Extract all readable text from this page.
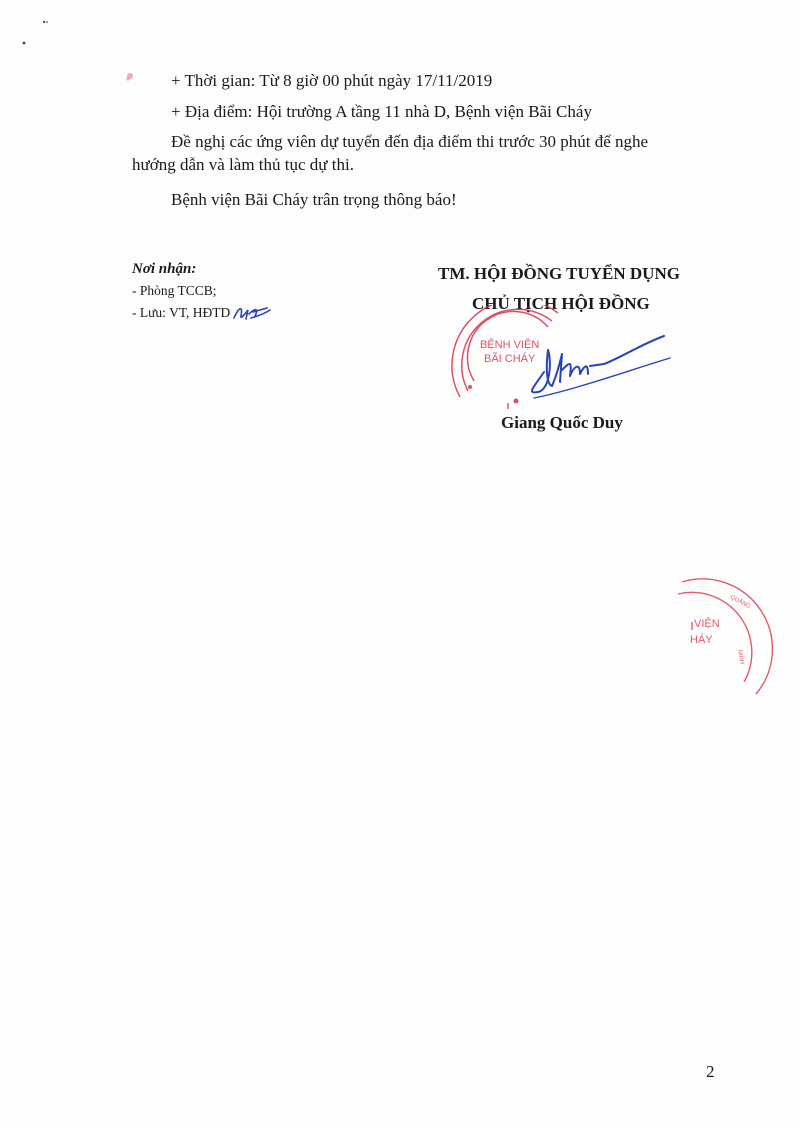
+ Thời gian: Từ 8 giờ 00 phút ngày 17/11/2019
+ Địa điểm: Hội trường A tầng 11 nhà D, Bệnh viện Bãi Cháy
Đề nghị các ứng viên dự tuyển đến địa điểm thi trước 30 phút để nghe
hướng dẫn và làm thủ tục dự thi.
Bệnh viện Bãi Cháy trân trọng thông báo!
Nơi nhận:
- Phòng TCCB;
- Lưu: VT, HĐTD
TM. HỘI ĐỒNG TUYỂN DỤNG
CHỦ TỊCH HỘI ĐỒNG
BỆNH VIỆN
BÃI CHÁY
Giang Quốc Duy
VIỆN
HÁY
QUẢNG
NINH
2
